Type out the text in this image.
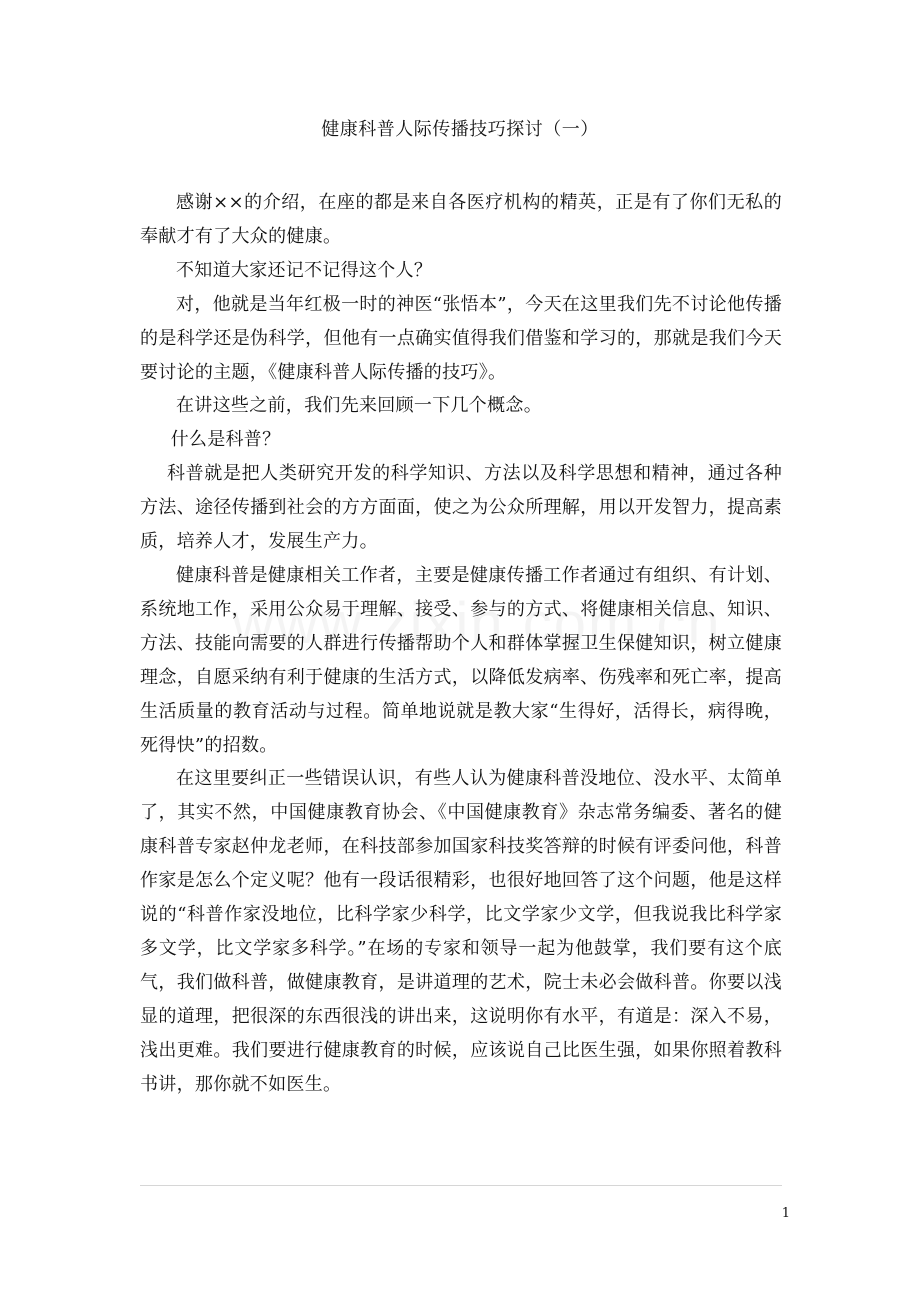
健康科普人际传播技巧探讨（一）

感谢××的介绍，在座的都是来自各医疗机构的精英，正是有了你们无私的奉献才有了大众的健康。

不知道大家还记不记得这个人？

对，他就是当年红极一时的神医“张悟本”，今天在这里我们先不讨论他传播的是科学还是伪科学，但他有一点确实值得我们借鉴和学习的，那就是我们今天要讨论的主题，《健康科普人际传播的技巧》。

在讲这些之前，我们先来回顾一下几个概念。

什么是科普？

科普就是把人类研究开发的科学知识、方法以及科学思想和精神，通过各种方法、途径传播到社会的方方面面，使之为公众所理解，用以开发智力，提高素质，培养人才，发展生产力。

健康科普是健康相关工作者，主要是健康传播工作者通过有组织、有计划、系统地工作，采用公众易于理解、接受、参与的方式、将健康相关信息、知识、方法、技能向需要的人群进行传播帮助个人和群体掌握卫生保健知识，树立健康理念，自愿采纳有利于健康的生活方式，以降低发病率、伤残率和死亡率，提高生活质量的教育活动与过程。简单地说就是教大家“生得好，活得长，病得晚，死得快”的招数。

在这里要纠正一些错误认识，有些人认为健康科普没地位、没水平、太简单了，其实不然，中国健康教育协会、《中国健康教育》杂志常务编委、著名的健康科普专家赵仲龙老师，在科技部参加国家科技奖答辩的时候有评委问他，科普作家是怎么个定义呢？他有一段话很精彩，也很好地回答了这个问题，他是这样说的“科普作家没地位，比科学家少科学，比文学家少文学，但我说我比科学家多文学，比文学家多科学。”在场的专家和领导一起为他鼓掌，我们要有这个底气，我们做科普，做健康教育，是讲道理的艺术，院士未必会做科普。你要以浅显的道理，把很深的东西很浅的讲出来，这说明你有水平，有道是：深入不易，浅出更难。我们要进行健康教育的时候，应该说自己比医生强，如果你照着教科书讲，那你就不如医生。

1
